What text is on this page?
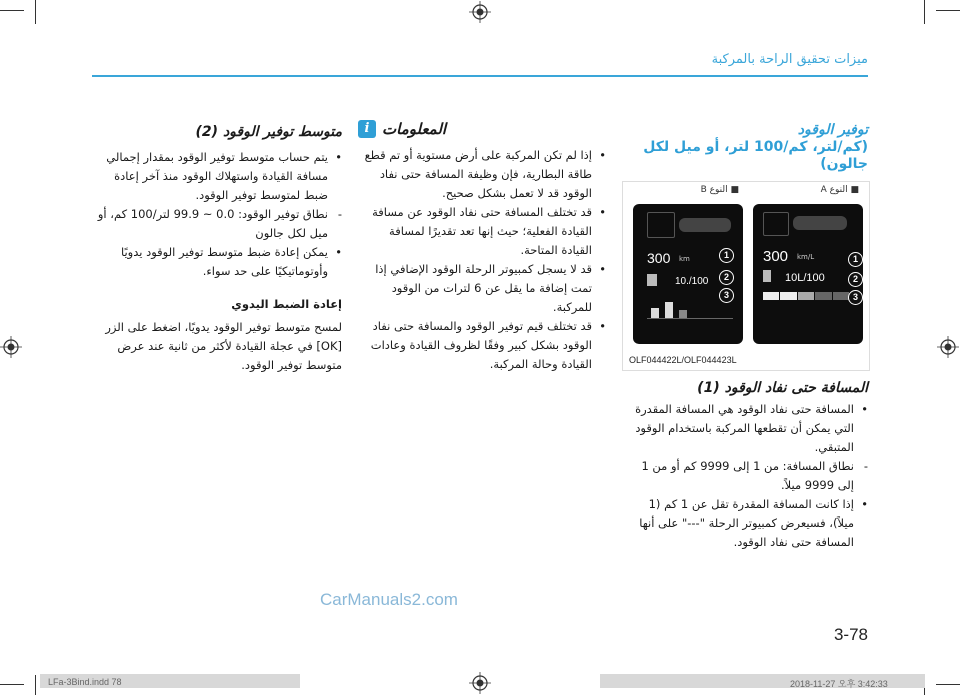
ميزات تحقيق الراحة بالمركبة
متوسط توفير الوقود (2)
• يتم حساب متوسط توفير الوقود بمقدار إجمالي مسافة القيادة واستهلاك الوقود منذ آخر إعادة ضبط لمتوسط توفير الوقود.
- نطاق توفير الوقود: 0.0 ~ 99.9 لتر/100 كم، أو ميل لكل جالون
• يمكن إعادة ضبط متوسط توفير الوقود يدويًا وأوتوماتيكيًا على حد سواء.
إعادة الضبط اليدوي
لمسح متوسط توفير الوقود يدويًا، اضغط على الزر [OK] في عجلة القيادة لأكثر من ثانية عند عرض متوسط توفير الوقود.
i المعلومات
• إذا لم تكن المركبة على أرض مستوية أو تم قطع طاقة البطارية، فإن وظيفة المسافة حتى نفاد الوقود قد لا تعمل بشكل صحيح.
• قد تختلف المسافة حتى نفاد الوقود عن مسافة القيادة الفعلية؛ حيث إنها تعد تقديرًا لمسافة القيادة المتاحة.
• قد لا يسجل كمبيوتر الرحلة الوقود الإضافي إذا تمت إضافة ما يقل عن 6 لترات من الوقود للمركبة.
• قد تختلف قيم توفير الوقود والمسافة حتى نفاد الوقود بشكل كبير وفقًا لظروف القيادة وعادات القيادة وحالة المركبة.
توفير الوقود
(كم/لتر، كم/100 لتر، أو ميل لكل جالون)
■ النوع A
■ النوع B
300 km/L
10L/100
1
2
3
300 km
10./100
1
2
3
OLF044422L/OLF044423L
المسافة حتى نفاد الوقود (1)
• المسافة حتى نفاد الوقود هي المسافة المقدرة التي يمكن أن تقطعها المركبة باستخدام الوقود المتبقي.
- نطاق المسافة: من 1 إلى 9999 كم أو من 1 إلى 9999 ميلاً.
• إذا كانت المسافة المقدرة تقل عن 1 كم (1 ميلاً)، فسيعرض كمبيوتر الرحلة "---" على أنها المسافة حتى نفاد الوقود.
CarManuals2.com
3-78
LFa-3Bind.indd 78	2018-11-27 오후 3:42:33
